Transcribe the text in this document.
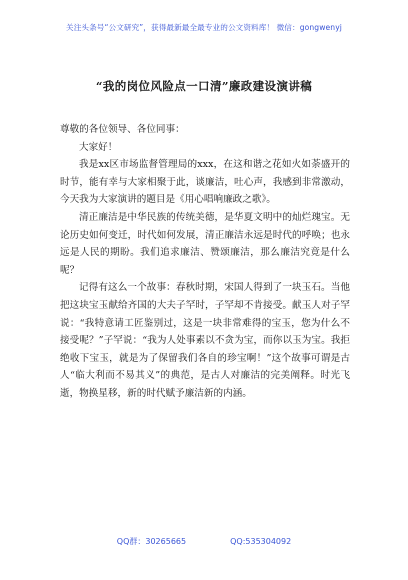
关注头条号“公文研究”，获得最新最全最专业的公文资料库！ 微信：gongwenyj
“我的岗位风险点一口清”廉政建设演讲稿

尊敬的各位领导、各位同事：

大家好！

我是xx区市场监督管理局的xxx，在这和谐之花如火如荼盛开的时节，能有幸与大家相聚于此，谈廉洁，吐心声，我感到非常激动，今天我为大家演讲的题目是《用心唱响廉政之歌》。

清正廉洁是中华民族的传统美德，是华夏文明中的灿烂瑰宝。无论历史如何变迁，时代如何发展，清正廉洁永远是时代的呼唤；也永远是人民的期盼。我们追求廉洁、赞颂廉洁，那么廉洁究竟是什么呢？

记得有这么一个故事：春秋时期，宋国人得到了一块玉石。当他把这块宝玉献给齐国的大夫子罕时，子罕却不肯接受。献玉人对子罕说：“我特意请工匠鉴别过，这是一块非常难得的宝玉，您为什么不接受呢？”子罕说：“我为人处事素以不贪为宝，而你以玉为宝。我拒绝收下宝玉，就是为了保留我们各自的珍宝啊！”这个故事可谓是古人“临大利而不易其义”的典范，是古人对廉洁的完美阐释。时光飞逝，物换星移，新的时代赋予廉洁新的内涵。

QQ群：30265665	QQ:535304092
